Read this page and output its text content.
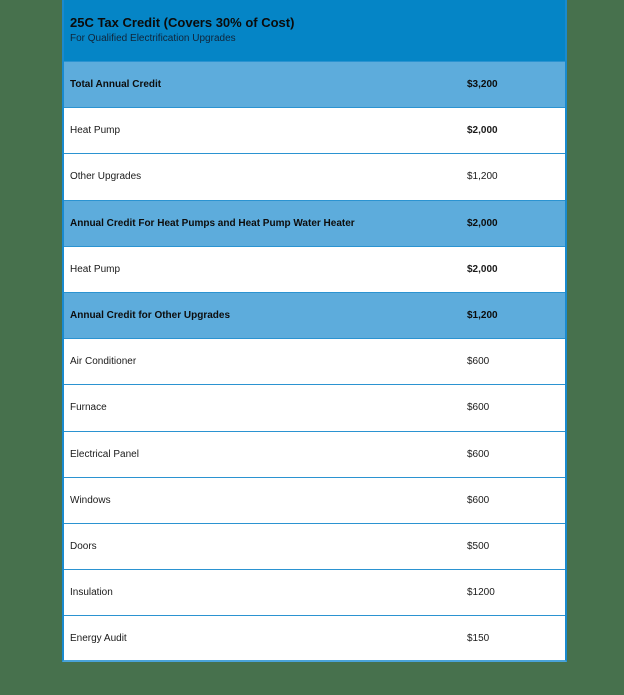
25C Tax Credit (Covers 30% of Cost)
For Qualified Electrification Upgrades
Total Annual Credit	$3,200
Heat Pump	$2,000
Other Upgrades	$1,200
Annual Credit For Heat Pumps and Heat Pump Water Heater	$2,000
Heat Pump	$2,000
Annual Credit for Other Upgrades	$1,200
Air Conditioner	$600
Furnace	$600
Electrical Panel	$600
Windows	$600
Doors	$500
Insulation	$1200
Energy Audit	$150
